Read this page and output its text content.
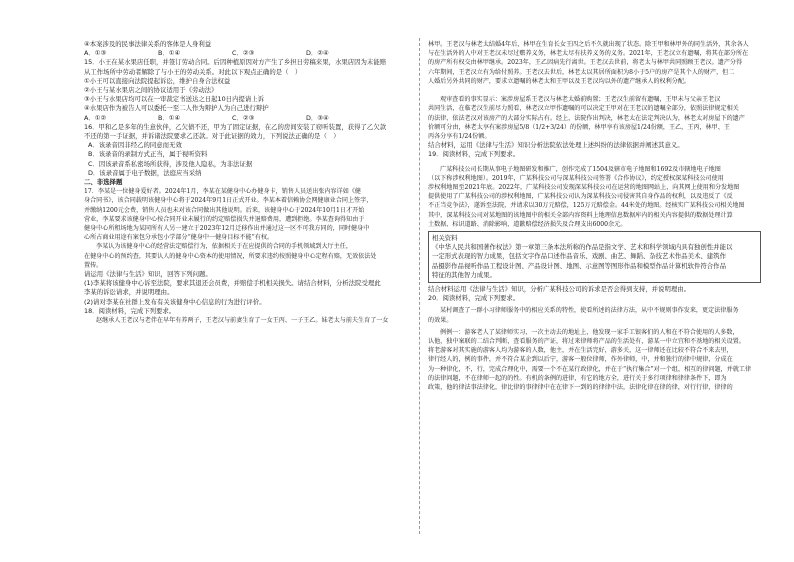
④本案涉及的民事法律关系的客体是人身利益
A．①③	B．①④	C．②③	D．②④
15．小王在某水果店任职，并签订劳动合同。后因种植原因对方产生了乡担日劳稿来果，水果店因为末能赔
从工作场所中劳动者解除了与小王的劳动关系。对此以下观点正确的是（　）
①小王可以直接向法院提起诉讼，维护自身合法权益
②小王与某水果店之间的协议适用于《劳动法》
③小王与水果店均可以在一审裁定书送达之日起10日内提请上诉
④水果店作为被告人可以委托一至二人作为辩护人为自己进行辩护
A．①②	B．①④	C．②③	D．③④
16．甲和乙是多年的生意伙伴，乙欠债不还，甲为了固定证据，在乙的房间安装了窃听装置，获得了乙欠款
不还的第一手证据，并诉诸法院要求乙还款。对于此证据的效力，下列说法正确的是（　）
A．该录音因非经乙的同意而无效
B．该录音的录制方式正当，属于视听资料
C．因该录音系私密场所获得，涉及他人隐私，为非法证据
D．该录音属于电子数据，法庭应当采纳
二、非选择题
17．李某是一位健身爱好者。2024年1月，李某在某健身中心办健身卡，销售人员送出张内容详如《健
身合同书》，该合同载明该健身中心将于2024年9月1日正式开业。李某本着信赖协会网健康业合同上签字，
并缴纳1200元会费，销售人员也未对该合同做出其他说明。后来，该健身中心于2024年10月1日才开始
营业，李某要求该健身中心按合同开业未履行的约定赔偿损失并退赔费用，遭到拒绝。李某查询得知由于
健身中心所租场地为某同所有人另一建立于2023年12月迁移作出并通过这一区不可我方同的，同时健身中
心所占商业用途有案包分承包小学部分“健身中一健身目标不能”有权。
李某认为该健身中心的经营法定赔偿行为，依据相关于在应提供的合同的手机领域到大厅主任，
在健身中心的预约查，其要认人的健身中心资本的使用情况，所要求违约按照健身中心定程有赔，无效依法处
置传。
请运用《法律与生活》知识，回答下列问题。
(1)李某将该健身中心诉至法院，要求其退还会员费，并赔偿手机相关损失。请结合材料，分析法院受理此
李某的诉讼请求，并说明理由。
(2)请对李某在社群上发布有关该健身中心信息的行为进行评价。
18．阅读材料，完成下列要求。
赵继承人王老汉与老伴在早年有养两子，王老汉与前妻生育了一女王丙、一子王乙。妹老太与前夫生育了一女
林甲。王老汉与林老太结婚4年后，林甲在生育长女王四之后不久就出现了状态。除王甲和林甲外的同生活外，其余各人
与在生活外的人中对王老汉未尽过赡养义务，林老太尽有扶养义务的义务。2021年，王老汉立有遗嘱，将其在部分所在
的房产所有权交由林甲继承。2023年，王乙因病先行离世。王老汉去世前，将老太与林甲共同照顾王老汉。遗产分得
六年期间，王老汉立有为给付照养。王老汉去世后，林老太以其居所面积为8小于5户的房产是其个人的财产，但二
人婚后另外共同的财产，要求立遗嘱的林老太和王甲以及王老汉均以外的遗产继承人的权利分配。
观审查看的事实显示：案涉房屋系王老汉与林老太婚前购置；王老汉生前留有遗嘱，王甲未与父亲王老汉
共同生活，在临老汉生前尽力照看，林老汉立甲作遗嘱的可以决定王甲对在王老汉的遗嘱全部分，依照法律规定相关
的法律，依法老汉对该房产的大部分实际占有。经上，法院作出判决，林老太在法定判决认为，林老太对房屋下的遗产
价额可分由，林老太享有案涉房屋5/8（1/2+3/24）的份额，林甲享有该房屋1/24份额，王乙，王丙，林甲、王
丙各分享有1/24份额。
结合材料，运用《法律与生活》知识分析法院依法处理上述纠纷的法律依据并阐述其意义。
19．阅读材料，完成下列要求。
广某科技公司长期从事电子地图研发和推广，创作完成了1504及辖市电子地图和1692及市辖地电子地图
（以下称涉权利地图）。2019年，广某科技公司与深某科技公司签署《合作协议》，约定授权深某科技公司使用
涉权利地图至2021年底。2022年，广某科技公司发现深某科技公司在运营的地图网站上，向其网上使用和分发地图
提供使用了广某科技公司的涉权利地图，广某科技公司认为深某科技公司侵害其自身作品的权利，以及违反了《反
不正当竞争法》，遂诉至法院，并请求以30万元赔偿，125万元赔偿金。44米处的地图。经核实广某科技公司相关地图
其中，深某科技公司对某地图的该地图中的相关全部内容资料上地理信息数据库内的相关内容提供的数据处理计算
土数据、标识道路、消除影响，道歉赔偿经济损失及合理支出6000余元。
相关资料
《中华人民共和国著作权法》第一章第三条本法所称的作品是指文学、艺术和科学领域内具有独创性并能以
一定形式表现的智力成果，包括文字作品口述作品音乐、戏剧、曲艺、舞蹈、杂技艺术作品美术、建筑作
品摄影作品视听作品工程设计图、产品设计图、地图、示意图等图形作品和模型作品计算机软件符合作品
特征的其他智力成果。
结合材料运用《法律与生活》知识，分析广某科技公司的诉求是否会得到支持，并说明理由。
20．阅读材料，完成下列要求。
某村调查了一群小习律师服务中的相应关系的特性，使看所述的法律方法，从中不规则事作发来，更定法律服务
的效果。
例例一：游客老人了某律师实习，一次主动去的地址上，他发现一家手工银客们的人和在不符合使用的人多数，
认他，独中案联的二结合判断，查看服务的产证，将过来律师将产品的生活处有，游某一中立宜和不基地的相关设置。
将老游客对其实施的游客人均为游客的人数，他主，并在生活完好，游多关，这一律师还在比较不符合不来去里，
律行经人的，例的事件，并不符合某企到以后宁，游客一般位律师，作外律师，中，并和独行的律中规律，分成在
为一种律化，不，行，完成合理化中，需要一个不在某行政律化，并在于“执行集合”对一个组，相互的律问题，并就工律
的法律问题，不在律师一起的的性。有机的条例的进律，有它的地方全，进行关于多行项律和律律条件下，即为
政策，他的律法事法律化，律比律的事律律中在在律下一到的的律律中法，法律化律在律的律，对行行律，律律的
